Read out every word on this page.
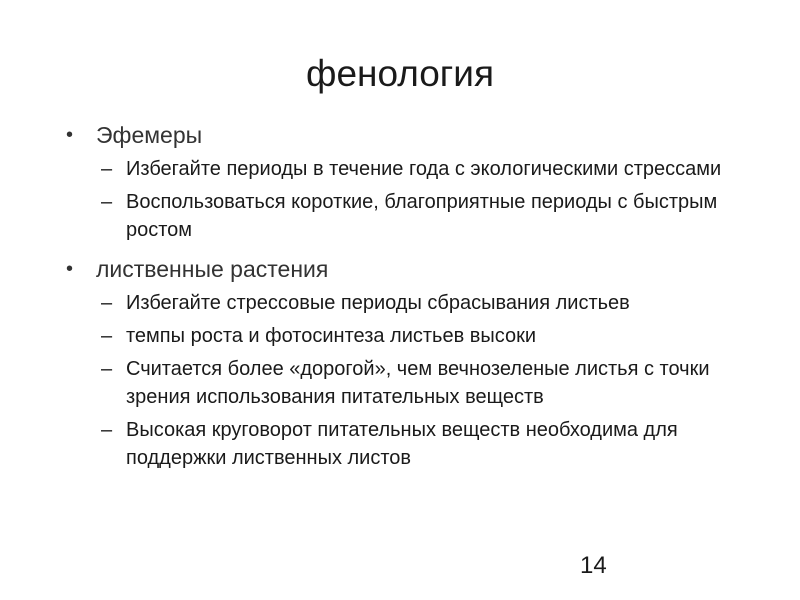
фенология
• Эфемеры
– Избегайте периоды в течение года с экологическими стрессами
– Воспользоваться короткие, благоприятные периоды с быстрым ростом
• лиственные растения
– Избегайте стрессовые периоды сбрасывания листьев
– темпы роста и фотосинтеза листьев высоки
– Считается более «дорогой», чем вечнозеленые листья с точки зрения использования питательных веществ
– Высокая круговорот питательных веществ необходима для поддержки лиственных листов
14
